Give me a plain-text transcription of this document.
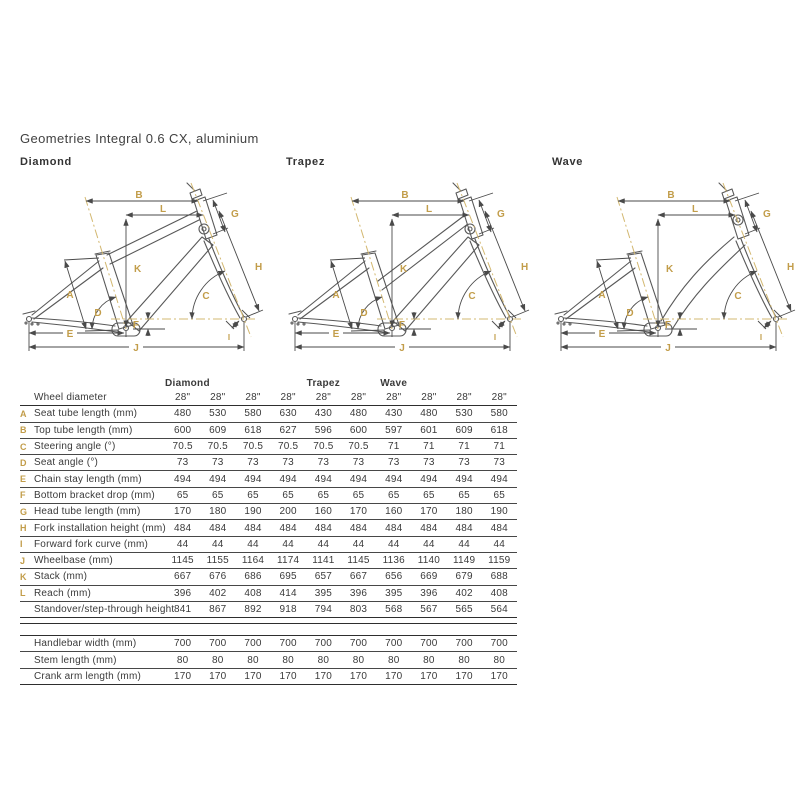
Geometries Integral 0.6 CX, aluminium
Diamond	Trapez	Wave
Diamond	Trapez	Wave
Wheel diameter	28"	28"	28"	28"	28"	28"	28"	28"	28"	28"
A Seat tube length (mm)	480	530	580	630	430	480	430	480	530	580
B Top tube length (mm)	600	609	618	627	596	600	597	601	609	618
C Steering angle (°)	70.5	70.5	70.5	70.5	70.5	70.5	71	71	71	71
D Seat angle (°)	73	73	73	73	73	73	73	73	73	73
E Chain stay length (mm)	494	494	494	494	494	494	494	494	494	494
F Bottom bracket drop (mm)	65	65	65	65	65	65	65	65	65	65
G Head tube length (mm)	170	180	190	200	160	170	160	170	180	190
H Fork installation height (mm) 484	484	484	484	484	484	484	484	484	484
I	Forward fork curve (mm)	44	44	44	44	44	44	44	44	44	44
J Wheelbase (mm)	1145	1155	1164	1174	1141	1145	1136	1140	1149	1159
K Stack (mm)	667	676	686	695	657	667	656	669	679	688
L Reach (mm)	396	402	408	414	395	396	395	396	402	408
Standover/step-through height 841	867	892	918	794	803	568	567	565	564
Handlebar width (mm)	700	700	700	700	700	700	700	700	700	700
Stem length (mm)	80	80	80	80	80	80	80	80	80	80
Crank arm length (mm)	170	170	170	170	170	170	170	170	170	170
